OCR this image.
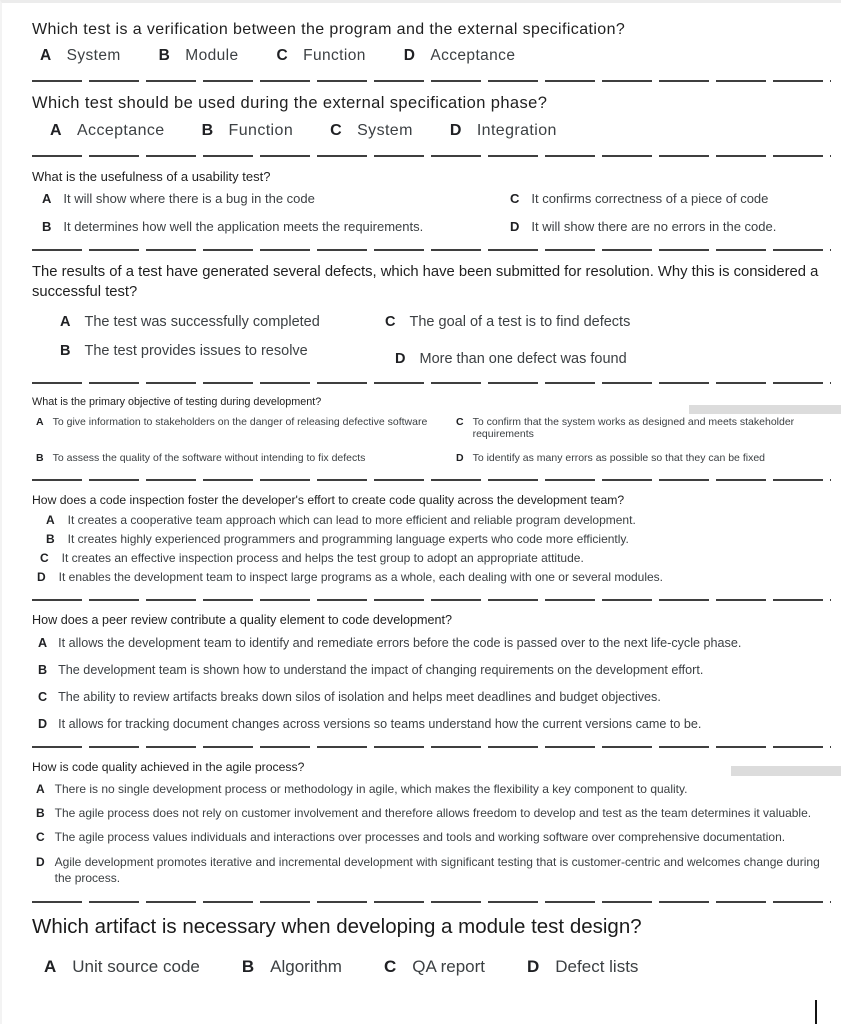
Which test is a verification between the program and the external specification?
A System B Module C Function D Acceptance
Which test should be used during the external specification phase?
A Acceptance B Function C System D Integration
What is the usefulness of a usability test?
A It will show where there is a bug in the code
B It determines how well the application meets the requirements.
C It confirms correctness of a piece of code
D It will show there are no errors in the code.
The results of a test have generated several defects, which have been submitted for resolution. Why this is considered a successful test?
A The test was successfully completed
B The test provides issues to resolve
C The goal of a test is to find defects
D More than one defect was found
What is the primary objective of testing during development?
A To give information to stakeholders on the danger of releasing defective software
B To assess the quality of the software without intending to fix defects
C To confirm that the system works as designed and meets stakeholder requirements
D To identify as many errors as possible so that they can be fixed
How does a code inspection foster the developer's effort to create code quality across the development team?
A It creates a cooperative team approach which can lead to more efficient and reliable program development.
B It creates highly experienced programmers and programming language experts who code more efficiently.
C It creates an effective inspection process and helps the test group to adopt an appropriate attitude.
D It enables the development team to inspect large programs as a whole, each dealing with one or several modules.
How does a peer review contribute a quality element to code development?
A It allows the development team to identify and remediate errors before the code is passed over to the next life-cycle phase.
B The development team is shown how to understand the impact of changing requirements on the development effort.
C The ability to review artifacts breaks down silos of isolation and helps meet deadlines and budget objectives.
D It allows for tracking document changes across versions so teams understand how the current versions came to be.
How is code quality achieved in the agile process?
A There is no single development process or methodology in agile, which makes the flexibility a key component to quality.
B The agile process does not rely on customer involvement and therefore allows freedom to develop and test as the team determines it valuable.
C The agile process values individuals and interactions over processes and tools and working software over comprehensive documentation.
D Agile development promotes iterative and incremental development with significant testing that is customer-centric and welcomes change during the process.
Which artifact is necessary when developing a module test design?
A Unit source code B Algorithm C QA report D Defect lists
